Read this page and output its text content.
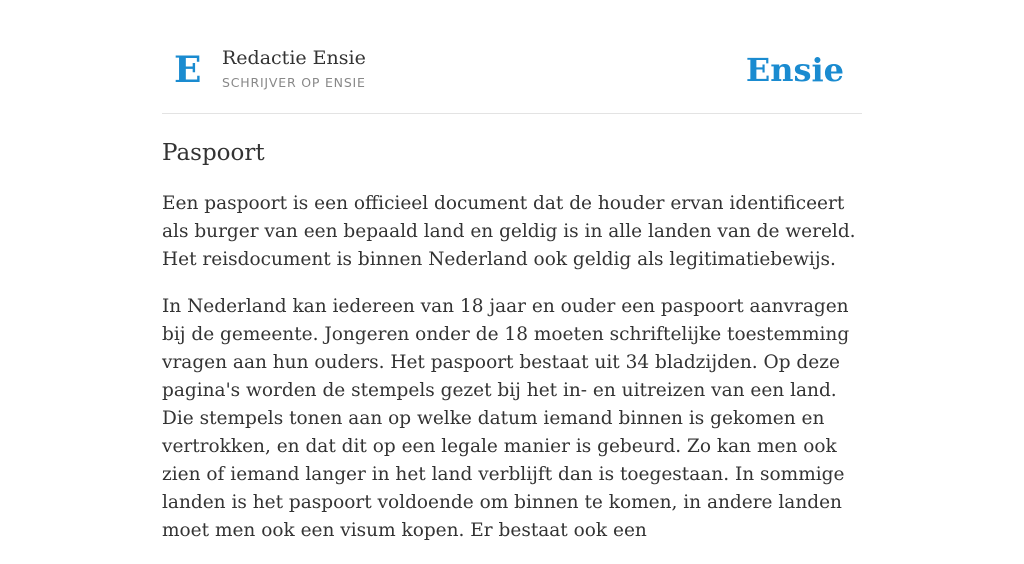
E Redactie Ensie
SCHRIJVER OP ENSIE	Ensie
Paspoort

Een paspoort is een officieel document dat de houder ervan identificeert als burger van een bepaald land en geldig is in alle landen van de wereld. Het reisdocument is binnen Nederland ook geldig als legitimatiebewijs.

In Nederland kan iedereen van 18 jaar en ouder een paspoort aanvragen bij de gemeente. Jongeren onder de 18 moeten schriftelijke toestemming vragen aan hun ouders. Het paspoort bestaat uit 34 bladzijden. Op deze pagina's worden de stempels gezet bij het in- en uitreizen van een land. Die stempels tonen aan op welke datum iemand binnen is gekomen en vertrokken, en dat dit op een legale manier is gebeurd. Zo kan men ook zien of iemand langer in het land verblijft dan is toegestaan. In sommige landen is het paspoort voldoende om binnen te komen, in andere landen moet men ook een visum kopen. Er bestaat ook een
